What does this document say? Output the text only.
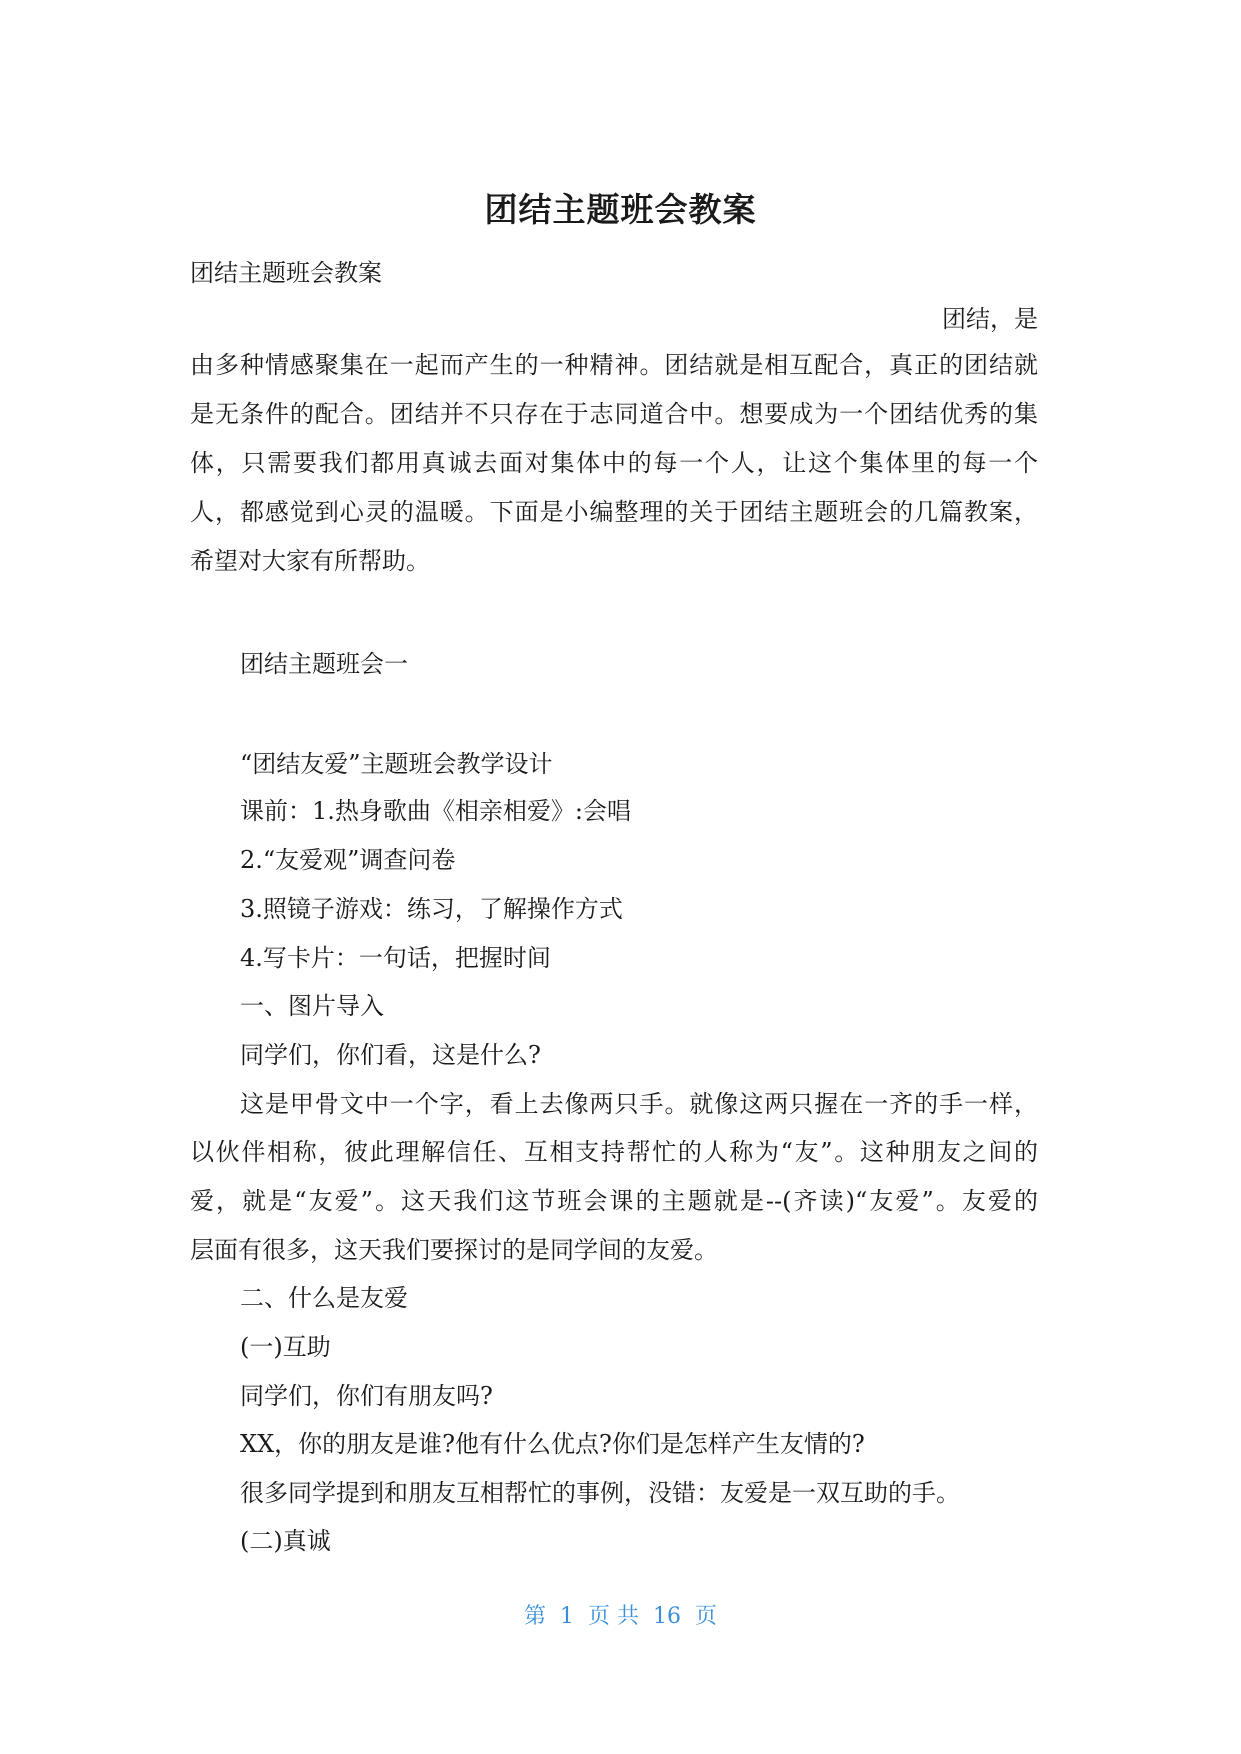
团结主题班会教案
团结主题班会教案
团结，是
由多种情感聚集在一起而产生的一种精神。团结就是相互配合，真正的团结就
是无条件的配合。团结并不只存在于志同道合中。想要成为一个团结优秀的集
体，只需要我们都用真诚去面对集体中的每一个人，让这个集体里的每一个
人，都感觉到心灵的温暖。下面是小编整理的关于团结主题班会的几篇教案，
希望对大家有所帮助。
团结主题班会一
“团结友爱”主题班会教学设计
课前：1.热身歌曲《相亲相爱》:会唱
2.“友爱观”调查问卷
3.照镜子游戏：练习，了解操作方式
4.写卡片：一句话，把握时间
一、图片导入
同学们，你们看，这是什么?
这是甲骨文中一个字，看上去像两只手。就像这两只握在一齐的手一样，
以伙伴相称，彼此理解信任、互相支持帮忙的人称为“友”。这种朋友之间的
爱，就是“友爱”。这天我们这节班会课的主题就是--(齐读)“友爱”。友爱的
层面有很多，这天我们要探讨的是同学间的友爱。
二、什么是友爱
(一)互助
同学们，你们有朋友吗?
XX，你的朋友是谁?他有什么优点?你们是怎样产生友情的?
很多同学提到和朋友互相帮忙的事例，没错：友爱是一双互助的手。
(二)真诚
第  1  页 共  16  页
